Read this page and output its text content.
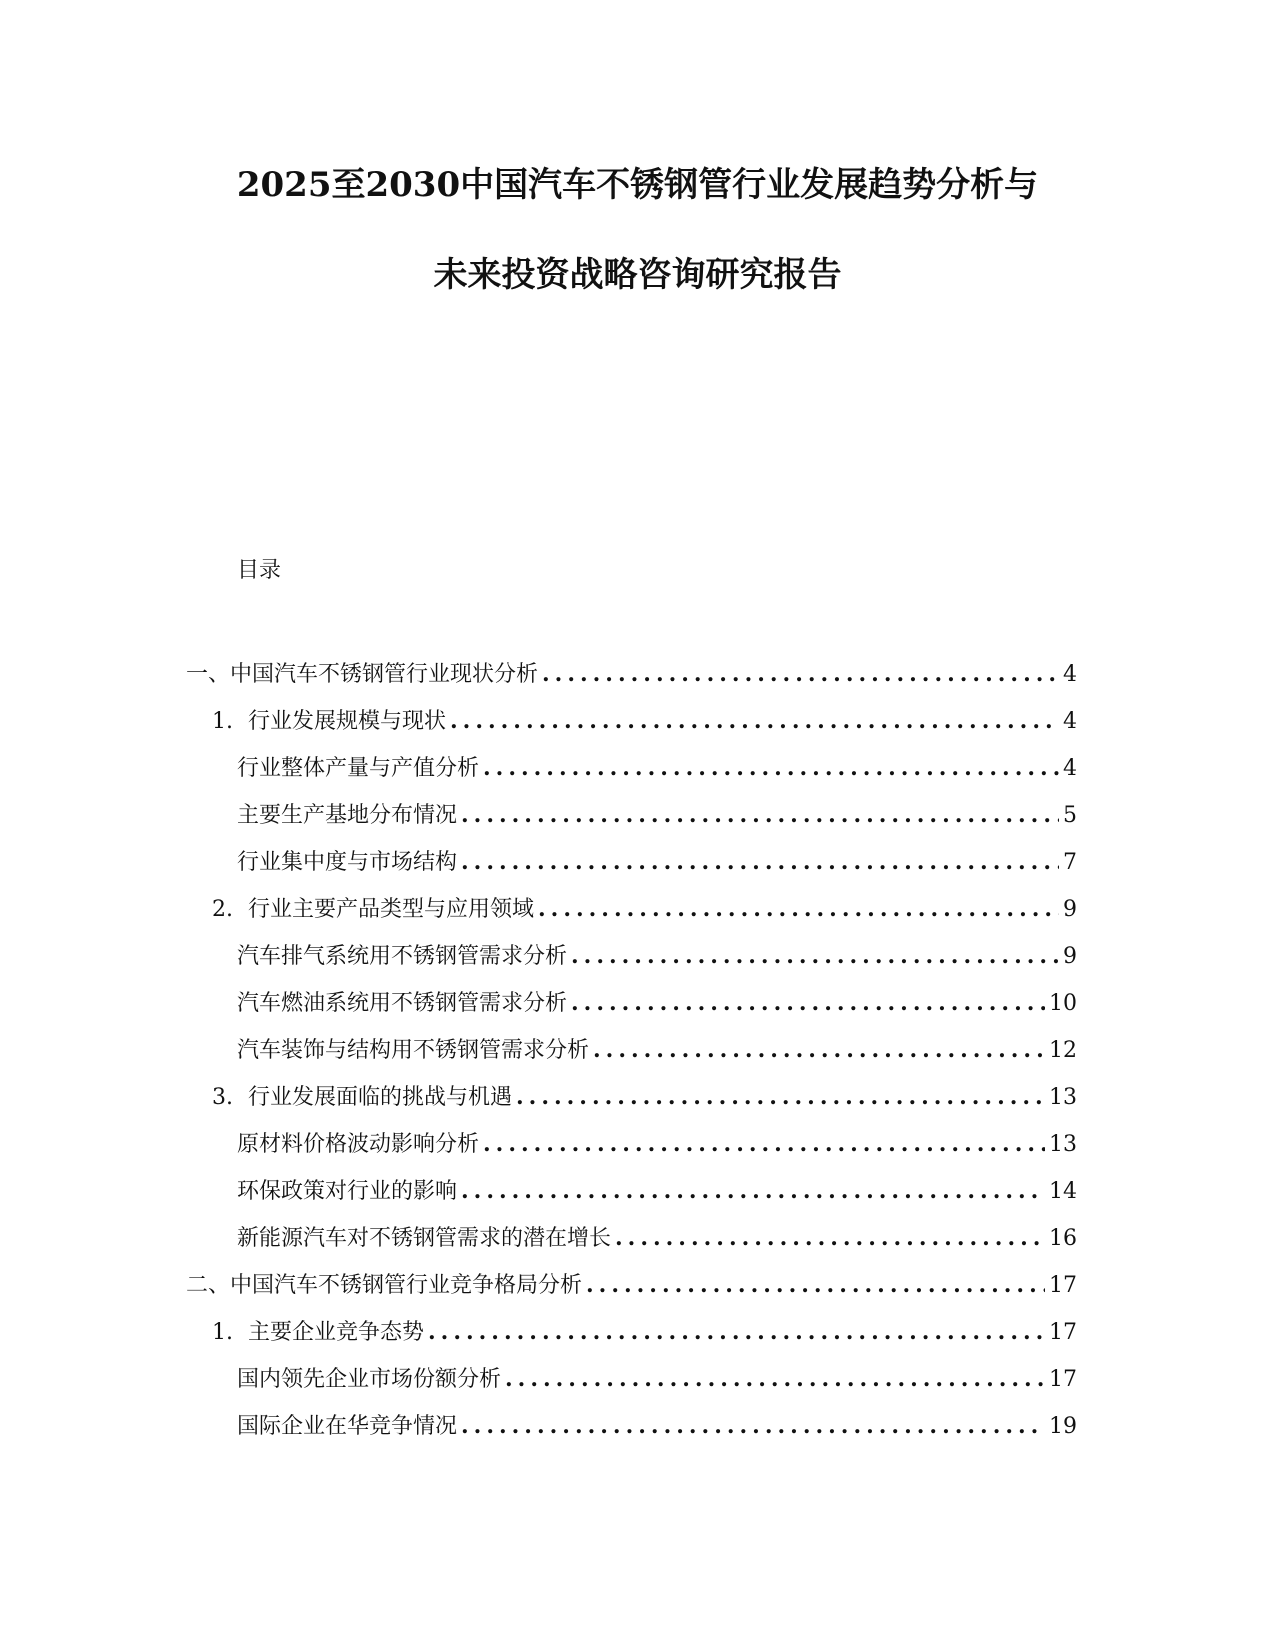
2025至2030中国汽车不锈钢管行业发展趋势分析与
未来投资战略咨询研究报告
目录
一、中国汽车不锈钢管行业现状分析 .....	4
1. 行业发展规模与现状 .....	4
行业整体产量与产值分析 .....	4
主要生产基地分布情况 .....	5
行业集中度与市场结构 .....	7
2. 行业主要产品类型与应用领域 .....	9
汽车排气系统用不锈钢管需求分析 .....	9
汽车燃油系统用不锈钢管需求分析 .....	10
汽车装饰与结构用不锈钢管需求分析 .....	12
3. 行业发展面临的挑战与机遇 .....	13
原材料价格波动影响分析 .....	13
环保政策对行业的影响 .....	14
新能源汽车对不锈钢管需求的潜在增长 .....	16
二、中国汽车不锈钢管行业竞争格局分析 .....	17
1. 主要企业竞争态势 .....	17
国内领先企业市场份额分析 .....	17
国际企业在华竞争情况 .....	19
